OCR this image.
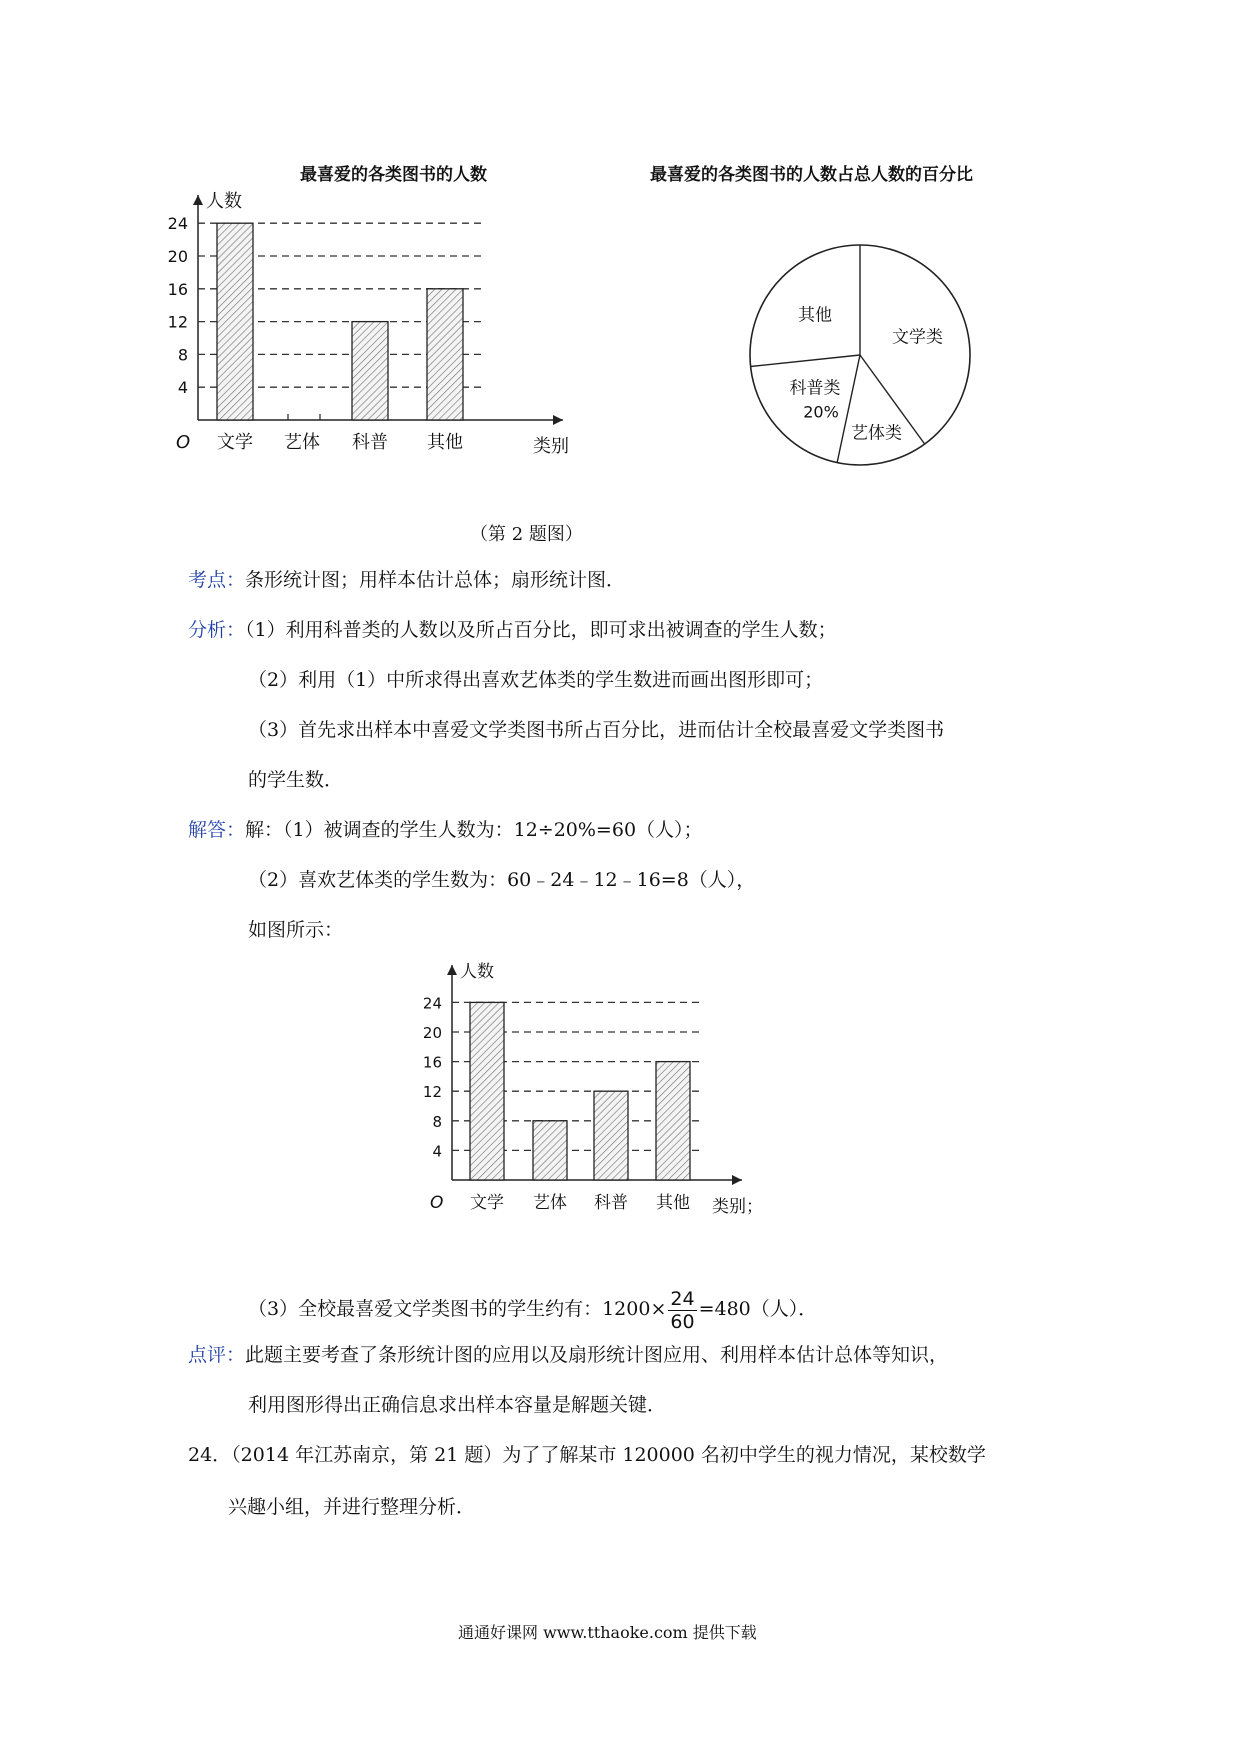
最喜爱的各类图书的人数	最喜爱的各类图书的人数占总人数的百分比
4
8
12
16
20
24
文学 艺体 科普 其他
O
人数
类别
文学类
艺体类
科普类
20%
其他
（第 2 题图）
考点：条形统计图；用样本估计总体；扇形统计图．
分析：（1）利用科普类的人数以及所占百分比，即可求出被调查的学生人数；
（2）利用（1）中所求得出喜欢艺体类的学生数进而画出图形即可；
（3）首先求出样本中喜爱文学类图书所占百分比，进而估计全校最喜爱文学类图书
的学生数．
解答：解：（1）被调查的学生人数为：12÷20%=60（人）；
（2）喜欢艺体类的学生数为：60﹣24﹣12﹣16=8（人），
如图所示：
4
8
12
16
20
24
文学 艺体 科普 其他
O
人数
类别；
（3）全校最喜爱文学类图书的学生约有：$1200\times \frac{24}{60} =480$（人）．
点评：此题主要考查了条形统计图的应用以及扇形统计图应用、利用样本估计总体等知识，
利用图形得出正确信息求出样本容量是解题关键．
24．（2014 年江苏南京，第 21 题）为了了解某市 120000 名初中学生的视力情况，某校数学
兴趣小组，并进行整理分析．
通通好课网 www.tthaoke.com 提供下载
